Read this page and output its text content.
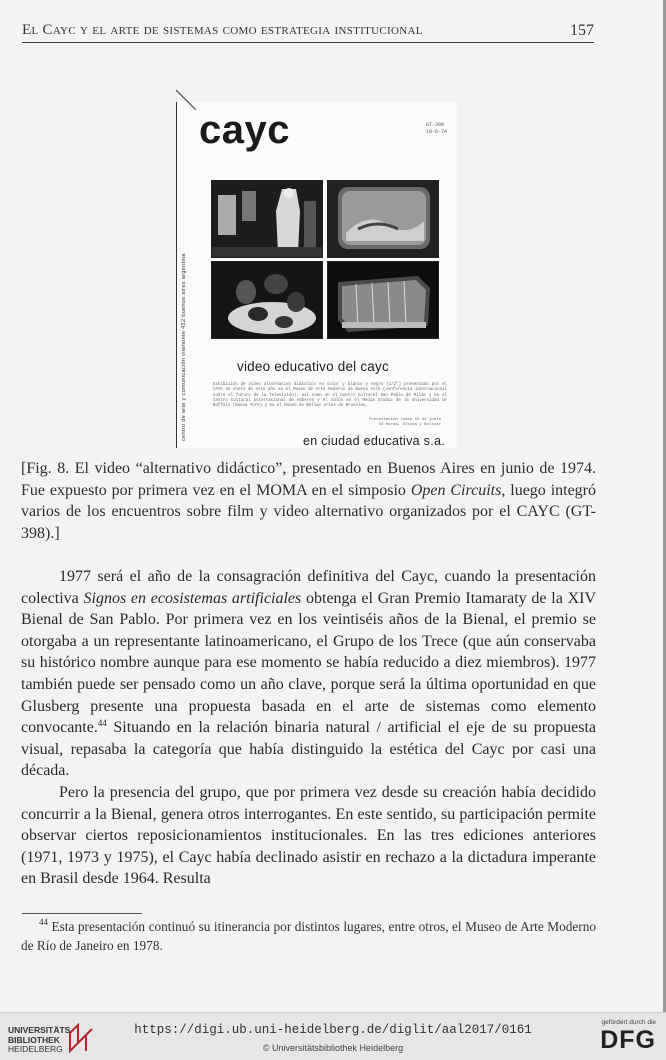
El Cayc y el arte de sistemas como estrategia institucional	157
cayc	GT-398
10-6-74
centro de arte y comunicación viamonte 452 buenos aires argentina	video educativo del cayc
Exhibición de video alternativo didáctico en color y blanco y negro (1/2") presentado por el CAYC en enero de este año en el Museo de Arte Moderno de Nueva York (conferencia internacional sobre el futuro de la televisión); así como en el Centro Cultural San Pablo de Milán y en el Centro Cultural Internacional de Amberes y el Salón en el Media Studio de la Universidad de Buffalo (Nueva York) y en el Museo de Bellas Artes de Bruselas.
Presentación lunes 10 de junio
19 horas, Alsina y Bolívar
en ciudad educativa s.a.
[Fig. 8. El video “alternativo didáctico”, presentado en Buenos Aires en junio de 1974. Fue expuesto por primera vez en el MOMA en el simposio Open Circuits, luego integró varios de los encuentros sobre film y video alternativo organizados por el CAYC (GT-398).]

1977 será el año de la consagración definitiva del Cayc, cuando la presentación colectiva Signos en ecosistemas artificiales obtenga el Gran Premio Itamaraty de la XIV Bienal de San Pablo. Por primera vez en los veintiséis años de la Bienal, el premio se otorgaba a un representante latinoamericano, el Grupo de los Trece (que aún conservaba su histórico nombre aunque para ese momento se había reducido a diez miembros). 1977 también puede ser pensado como un año clave, porque será la última oportunidad en que Glusberg presente una propuesta basada en el arte de sistemas como elemento convocante.$^{44}$ Situando en la relación binaria natural / artificial el eje de su propuesta visual, repasaba la categoría que había distinguido la estética del Cayc por casi una década.

Pero la presencia del grupo, que por primera vez desde su creación había decidido concurrir a la Bienal, genera otros interrogantes. En este sentido, su participación permite observar ciertos reposicionamientos institucionales. En las tres ediciones anteriores (1971, 1973 y 1975), el Cayc había declinado asistir en rechazo a la dictadura imperante en Brasil desde 1964. Resulta

$^{44}$ Esta presentación continuó su itinerancia por distintos lugares, entre otros, el Museo de Arte Moderno de Río de Janeiro en 1978.
UNIVERSITÄTS-
BIBLIOTHEK
HEIDELBERG
https://digi.ub.uni-heidelberg.de/diglit/aal2017/0161
© Universitätsbibliothek Heidelberg
gefördert durch die
DFG
